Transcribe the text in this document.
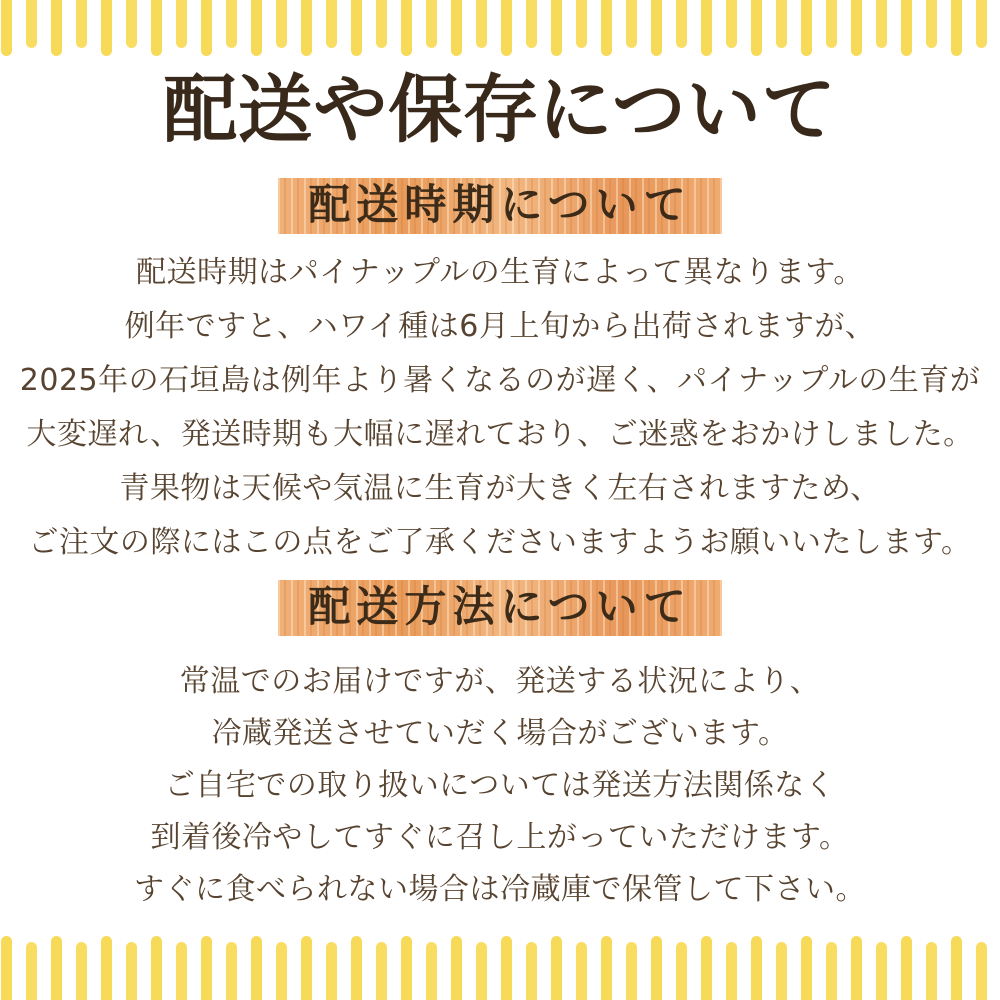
配送や保存について
配送時期について

配送時期はパイナップルの生育によって異なります。

例年ですと、ハワイ種は6月上旬から出荷されますが、

2025年の石垣島は例年より暑くなるのが遅く、パイナップルの生育が

大変遅れ、発送時期も大幅に遅れており、ご迷惑をおかけしました。

青果物は天候や気温に生育が大きく左右されますため、

ご注文の際にはこの点をご了承くださいますようお願いいたします。

配送方法について

常温でのお届けですが、発送する状況により、

冷蔵発送させていだく場合がございます。

ご自宅での取り扱いについては発送方法関係なく

到着後冷やしてすぐに召し上がっていただけます。

すぐに食べられない場合は冷蔵庫で保管して下さい。
